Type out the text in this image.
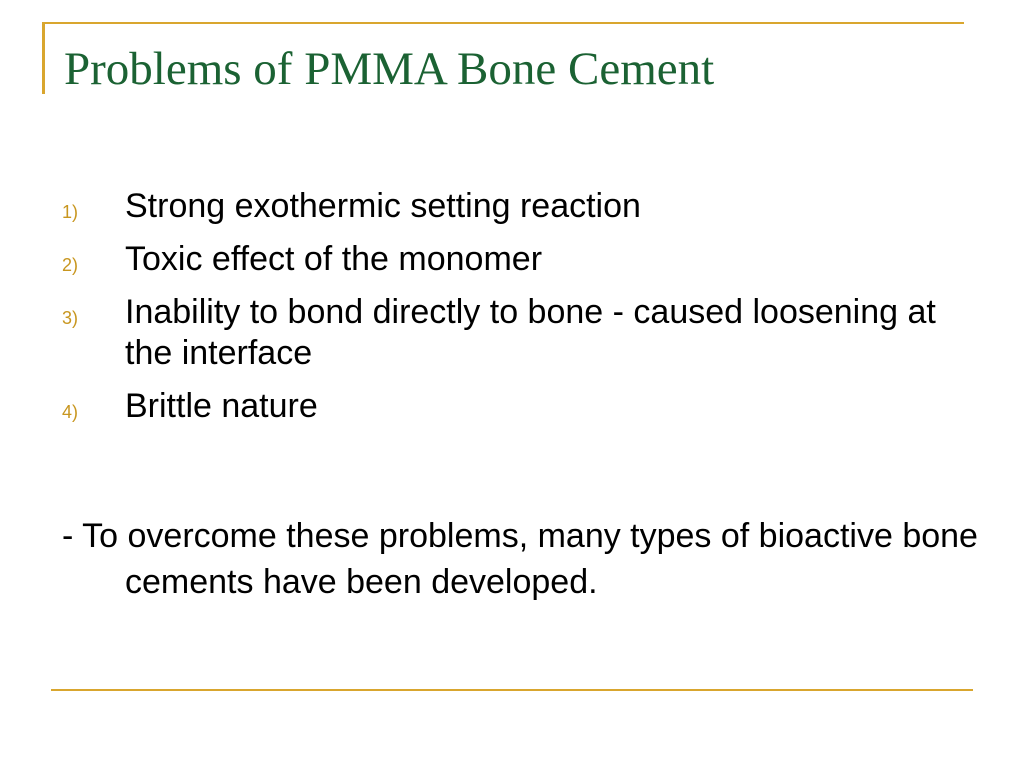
Problems of PMMA Bone Cement
1) Strong exothermic setting reaction
2) Toxic effect of the monomer
3) Inability to bond directly to bone - caused loosening at the interface
4) Brittle nature
- To overcome these problems, many types of bioactive bone cements have been developed.
